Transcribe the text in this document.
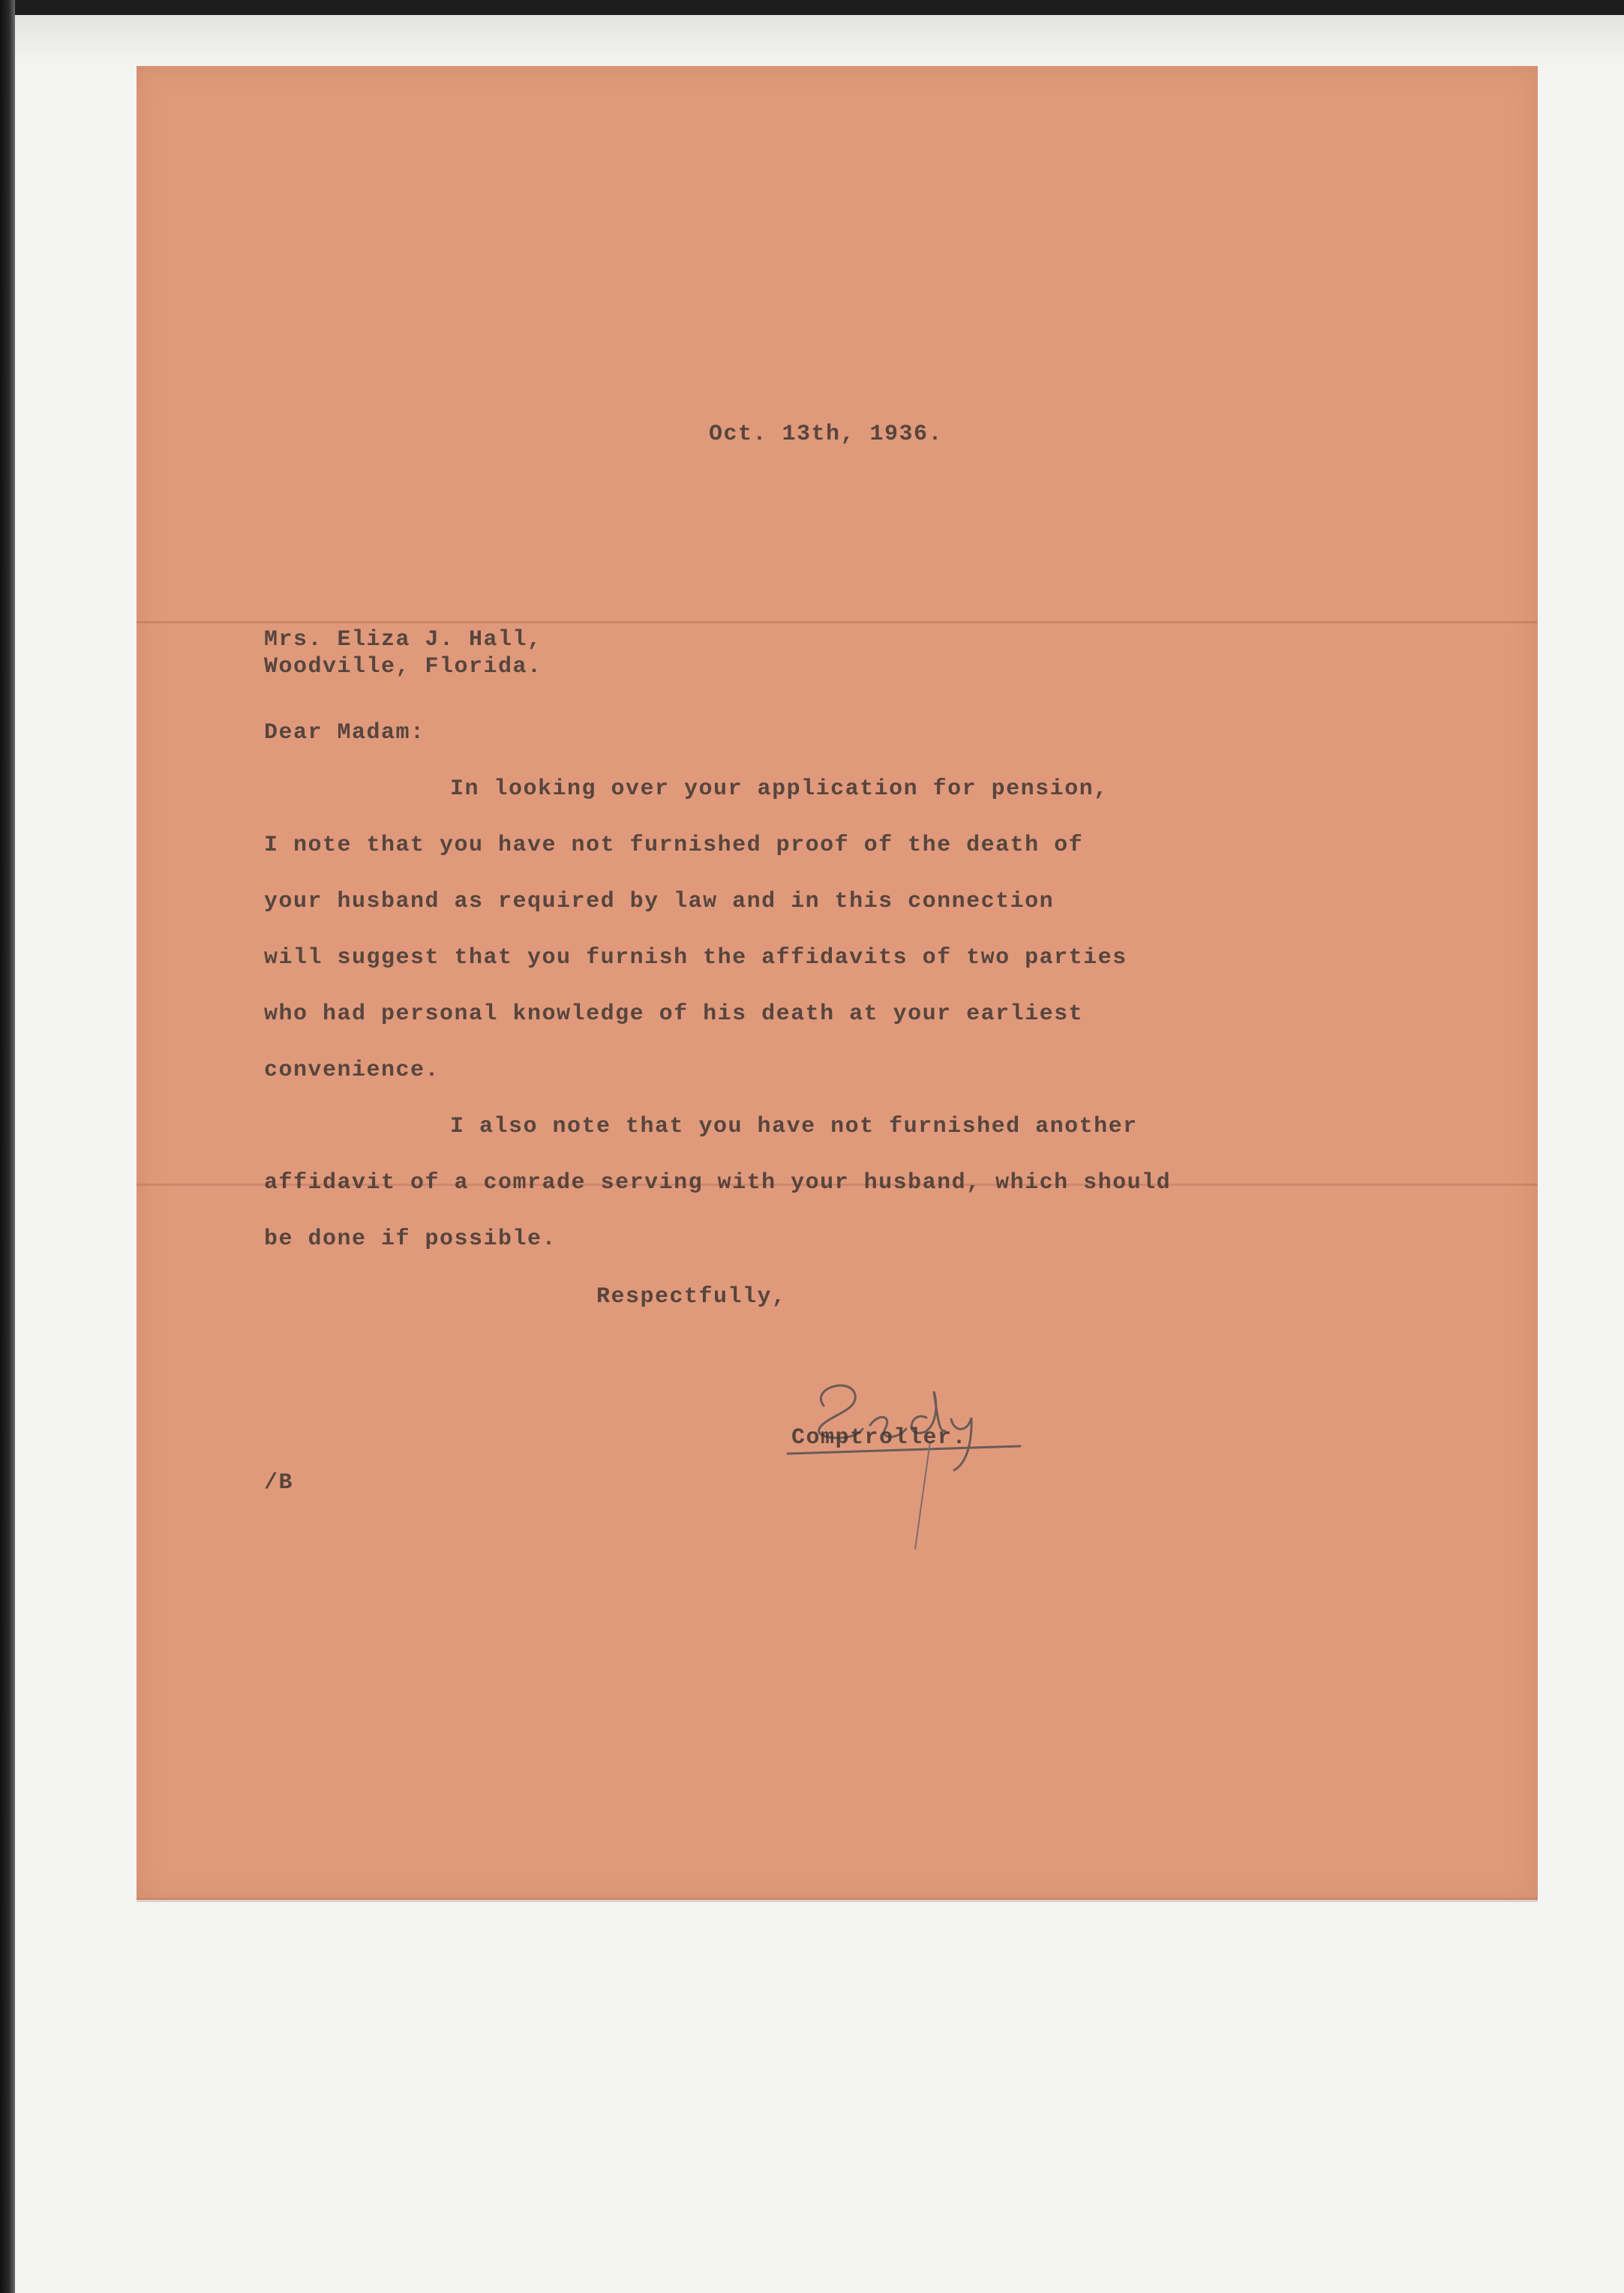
Oct. 13th, 1936.

Mrs. Eliza J. Hall,

Woodville, Florida.

Dear Madam:

In looking over your application for pension,

I note that you have not furnished proof of the death of

your husband as required by law and in this connection

will suggest that you furnish the affidavits of two parties

who had personal knowledge of his death at your earliest

convenience.

I also note that you have not furnished another

affidavit of a comrade serving with your husband, which should

be done if possible.

Respectfully,

Comptroller.

/B
